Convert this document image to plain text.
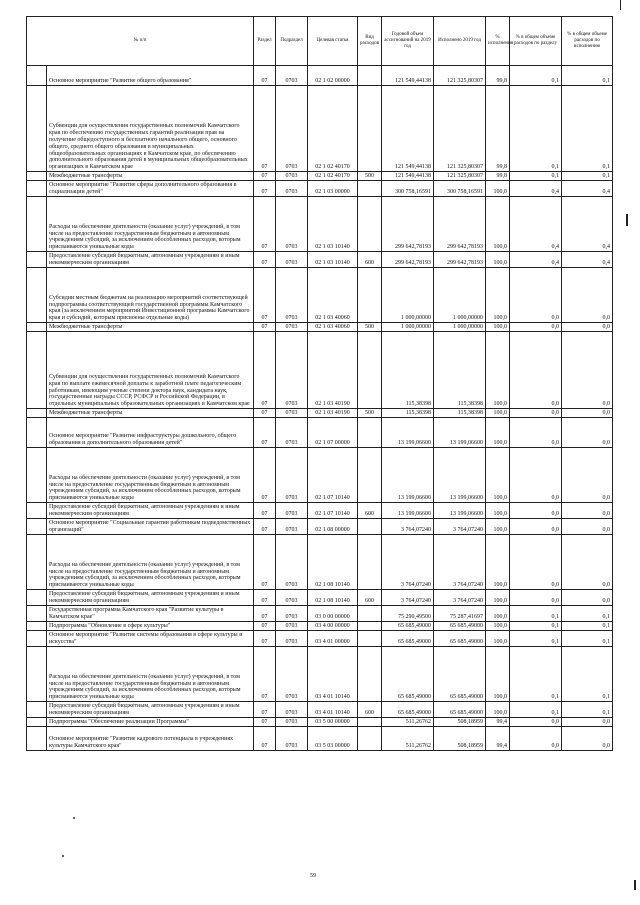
№ п/п		Раздел	Подраздел	Целевая статья	Вид расходов	Годовой объем ассигнований на 2019 год	Исполнено 2019 год	% исполнения	% в общем объеме расходов по разделу	% в общем объеме расходов по исполнению
	Основное мероприятие "Развитие общего образования"	07	0703	02 1 02 00000		121 549,44138	121 325,80307	99,8	0,1	0,1
	Субвенции для осуществления государственных полномочий Камчатского края по обеспечению государственных гарантий реализации прав на получение общедоступного и бесплатного начального общего, основного общего, среднего общего образования в муниципальных общеобразовательных организациях в Камчатском крае, по обеспечению дополнительного образования детей в муниципальных общеобразовательных организациях в Камчатском крае	07	0703	02 1 02 40170		121 549,44138	121 325,80307	99,8	0,1	0,1
	Межбюджетные трансферты	07	0703	02 1 02 40170	500	121 549,44138	121 325,80307	99,8	0,1	0,1
	Основное мероприятие "Развитие сферы дополнительного образования в социализации детей"	07	0703	02 1 03 00000		300 758,16591	300 758,16591	100,0	0,4	0,4
	Расходы на обеспечение деятельности (оказание услуг) учреждений, в том числе на предоставление государственным бюджетным и автономным учреждениям субсидий, за исключением обособленных расходов, которым присваиваются уникальные коды	07	0703	02 1 03 10140		299 642,78193	299 642,78193	100,0	0,4	0,4
	Предоставление субсидий бюджетным, автономным учреждениям и иным некоммерческим организациям	07	0703	02 1 03 10140	600	299 642,78193	299 642,78193	100,0	0,4	0,4
	Субсидии местным бюджетам на реализацию мероприятий соответствующей подпрограммы соответствующей государственной программы Камчатского края (за исключением мероприятий Инвестиционной программы Камчатского края и субсидий, которым присвоены отдельные коды)	07	0703	02 1 03 40060		1 000,00000	1 000,00000	100,0	0,0	0,0
	Межбюджетные трансферты	07	0703	02 1 03 40060	500	1 000,00000	1 000,00000	100,0	0,0	0,0
	Субвенции для осуществления государственных полномочий Камчатского края по выплате ежемесячной доплаты к заработной плате педагогическим работникам, имеющим ученые степени доктора наук, кандидата наук, государственные награды СССР, РСФСР и Российской Федерации, в отдельных муниципальных образовательных организациях в Камчатском крае	07	0703	02 1 03 40190		115,38398	115,38398	100,0	0,0	0,0
	Межбюджетные трансферты	07	0703	02 1 03 40190	500	115,38398	115,38398	100,0	0,0	0,0
	Основное мероприятие "Развитие инфраструктуры дошкольного, общего образования и дополнительного образования детей"	07	0703	02 1 07 00000		13 199,06600	13 199,06600	100,0	0,0	0,0
	Расходы на обеспечение деятельности (оказание услуг) учреждений, в том числе на предоставление государственным бюджетным и автономным учреждениям субсидий, за исключением обособленных расходов, которым присваиваются уникальные коды	07	0703	02 1 07 10140		13 199,06600	13 199,06600	100,0	0,0	0,0
	Предоставление субсидий бюджетным, автономным учреждениям и иным некоммерческим организациям	07	0703	02 1 07 10140	600	13 199,06600	13 199,06600	100,0	0,0	0,0
	Основное мероприятие "Социальные гарантии работникам подведомственных организаций"	07	0703	02 1 08 00000		3 764,07240	3 764,07240	100,0	0,0	0,0
	Расходы на обеспечение деятельности (оказание услуг) учреждений, в том числе на предоставление государственным бюджетным и автономным учреждениям субсидий, за исключением обособленных расходов, которым присваиваются уникальные коды	07	0703	02 1 08 10140		3 764,07240	3 764,07240	100,0	0,0	0,0
	Предоставление субсидий бюджетным, автономным учреждениям и иным некоммерческим организациям	07	0703	02 1 08 10140	600	3 764,07240	3 764,07240	100,0	0,0	0,0
	Государственная программа Камчатского края "Развитие культуры в Камчатском крае"	07	0703	03 0 00 00000		75 290,49500	75 287,41697	100,0	0,1	0,1
	Подпрограмма "Обновление в сфере культуры"	07	0703	03 4 00 00000		65 685,49000	65 685,49000	100,0	0,1	0,1
	Основное мероприятие "Развитие системы образования в сфере культуры и искусства"	07	0703	03 4 01 00000		65 685,49000	65 685,49000	100,0	0,1	0,1
	Расходы на обеспечение деятельности (оказание услуг) учреждений, в том числе на предоставление государственным бюджетным и автономным учреждениям субсидий, за исключением обособленных расходов, которым присваиваются уникальные коды	07	0703	03 4 01 10140		65 685,49000	65 685,49000	100,0	0,1	0,1
	Предоставление субсидий бюджетным, автономным учреждениям и иным некоммерческим организациям	07	0703	03 4 01 10140	600	65 685,49000	65 685,49000	100,0	0,1	0,1
	Подпрограмма "Обеспечение реализации Программы"	07	0703	03 5 00 00000		511,26762	508,18959	99,4	0,0	0,0
	Основное мероприятие "Развитие кадрового потенциала в учреждениях культуры Камчатского края"	07	0703	03 5 03 00000		511,26762	508,18959	99,4	0,0	0,0
59
